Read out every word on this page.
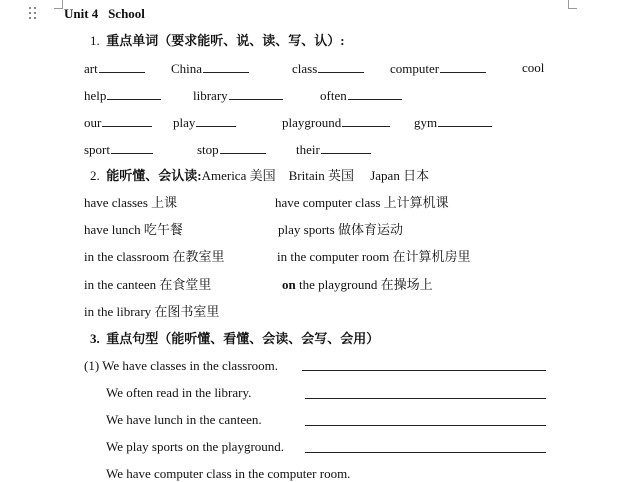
Unit 4 School
1. 重点单词（要求能听、说、读、写、认）:
art	China	class	computer	cool
help	library	often
our	play	playground	gym
sport	stop	their
2. 能听懂、会认读:America 美国 Britain 英国 Japan 日本
have classes 上课	have computer class 上计算机课
have lunch 吃午餐	play sports 做体育运动
in the classroom 在教室里	in the computer room 在计算机房里
in the canteen 在食堂里	on the playground 在操场上
in the library 在图书室里
3. 重点句型（能听懂、看懂、会读、会写、会用）
(1) We have classes in the classroom.
We often read in the library.
We have lunch in the canteen.
We play sports on the playground.
We have computer class in the computer room.
